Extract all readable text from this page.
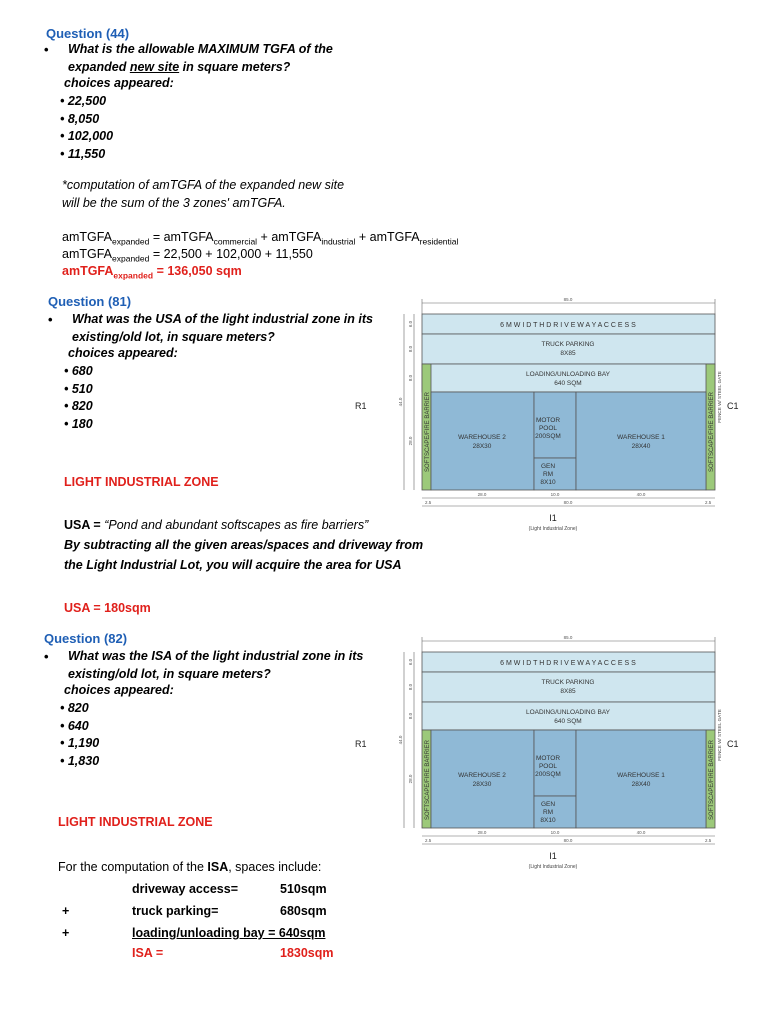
Question (44)
• What is the allowable MAXIMUM TGFA of the
expanded new site in square meters?
choices appeared:
• 22,500
• 8,050
• 102,000
• 11,550
*computation of amTGFA of the expanded new site
will be the sum of the 3 zones' amTGFA.
amTGFA$_{expanded}$ = amTGFA$_{commercial}$ + amTGFA$_{industrial}$ + amTGFA$_{residential}$
amTGFA$_{expanded}$ = 22,500 + 102,000 + 11,550
amTGFA$_{expanded}$ = 136,050 sqm
Question (81)
• What was the USA of the light industrial zone in its
existing/old lot, in square meters?
choices appeared:
• 680
• 510
• 820
• 180
LIGHT INDUSTRIAL ZONE
USA = “Pond and abundant softscapes as fire barriers”
By subtracting all the given areas/spaces and driveway from
the Light Industrial Lot, you will acquire the area for USA
USA = 180sqm
Question (82)
• What was the ISA of the light industrial zone in its
existing/old lot, in square meters?
choices appeared:
• 820
• 640
• 1,190
• 1,830
LIGHT INDUSTRIAL ZONE
For the computation of the ISA, spaces include:
driveway access=	510sqm
+	truck parking=	680sqm
+	loading/unloading bay = 640sqm
ISA =	1830sqm
85.0
6 M W I D T H D R I V E W A Y A C C E S S
TRUCK PARKING
8X85
LOADING/UNLOADING BAY
640 SQM
SOFTSCAPE/FIRE BARRIER	SOFTSCAPE/FIRE BARRIER
WAREHOUSE 2
28X30
MOTOR
POOL
200SQM
GEN
RM
8X10
WAREHOUSE 1
28X40
FENCE W/ STEEL GATE
44.0
6.0
8.0
8.0
28.0
28.0	10.0	40.0
80.0
2.5	2.5
R1	C1
I1
(Light Industrial Zone)
85.0
6 M W I D T H D R I V E W A Y A C C E S S
TRUCK PARKING
8X85
LOADING/UNLOADING BAY
640 SQM
SOFTSCAPE/FIRE BARRIER	SOFTSCAPE/FIRE BARRIER
WAREHOUSE 2
28X30
MOTOR
POOL
200SQM
GEN
RM
8X10
WAREHOUSE 1
28X40
FENCE W/ STEEL GATE
44.0
6.0
8.0
8.0
28.0
28.0	10.0	40.0
80.0
2.5	2.5
R1	C1
I1
(Light Industrial Zone)
